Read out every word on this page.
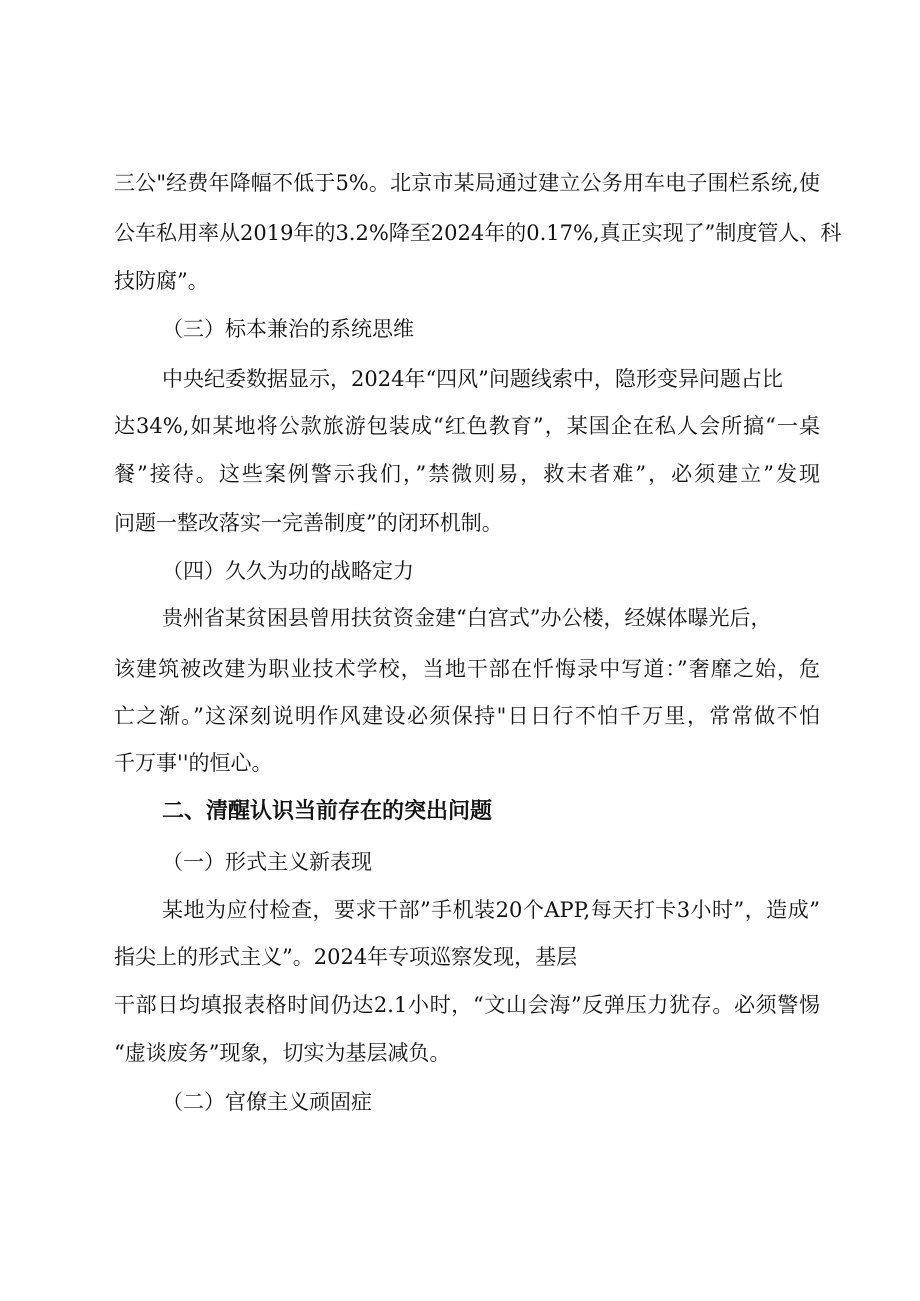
三公"经费年降幅不低于5%。北京市某局通过建立公务用车电子围栏系统,使
公车私用率从2019年的3.2%降至2024年的0.17%,真正实现了”制度管人、科
技防腐”。
（三）标本兼治的系统思维
中央纪委数据显示，2024年“四风”问题线索中，隐形变异问题占比
达34%,如某地将公款旅游包装成“红色教育”，某国企在私人会所搞“一桌
餐”接待。这些案例警示我们，”禁微则易，救末者难”，必须建立”发现
问题一整改落实一完善制度”的闭环机制。
（四）久久为功的战略定力
贵州省某贫困县曾用扶贫资金建“白宫式”办公楼，经媒体曝光后，
该建筑被改建为职业技术学校，当地干部在忏悔录中写道：”奢靡之始，危
亡之渐。”这深刻说明作风建设必须保持"日日行不怕千万里，常常做不怕
千万事''的恒心。
二、清醒认识当前存在的突出问题
（一）形式主义新表现
某地为应付检查，要求干部”手机装20个APP,每天打卡3小时”，造成”
指尖上的形式主义”。2024年专项巡察发现，基层
干部日均填报表格时间仍达2.1小时，“文山会海”反弹压力犹存。必须警惕
“虚谈废务”现象，切实为基层减负。
（二）官僚主义顽固症
